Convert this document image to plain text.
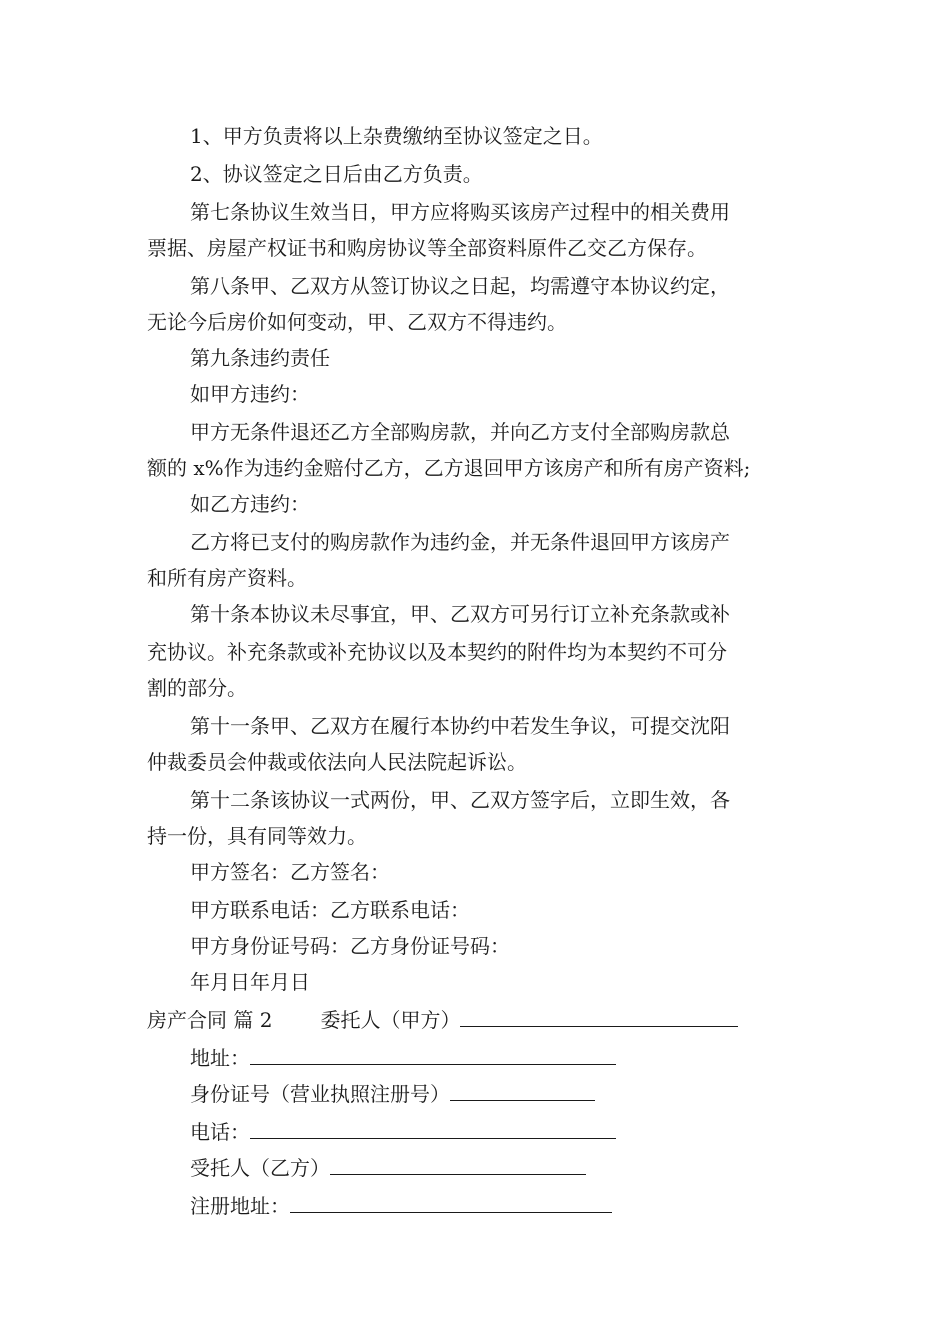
1、甲方负责将以上杂费缴纳至协议签定之日。
2、协议签定之日后由乙方负责。
第七条协议生效当日，甲方应将购买该房产过程中的相关费用
票据、房屋产权证书和购房协议等全部资料原件乙交乙方保存。
第八条甲、乙双方从签订协议之日起，均需遵守本协议约定，
无论今后房价如何变动，甲、乙双方不得违约。
第九条违约责任
如甲方违约：
甲方无条件退还乙方全部购房款，并向乙方支付全部购房款总
额的 x%作为违约金赔付乙方，乙方退回甲方该房产和所有房产资料;
如乙方违约：
乙方将已支付的购房款作为违约金，并无条件退回甲方该房产
和所有房产资料。
第十条本协议未尽事宜，甲、乙双方可另行订立补充条款或补
充协议。补充条款或补充协议以及本契约的附件均为本契约不可分
割的部分。
第十一条甲、乙双方在履行本协约中若发生争议，可提交沈阳
仲裁委员会仲裁或依法向人民法院起诉讼。
第十二条该协议一式两份，甲、乙双方签字后，立即生效，各
持一份，具有同等效力。
甲方签名：乙方签名：
甲方联系电话：乙方联系电话：
甲方身份证号码：乙方身份证号码：
年月日年月日
房产合同 篇 2 委托人（甲方）
地址：
身份证号（营业执照注册号）
电话：
受托人（乙方）
注册地址：
